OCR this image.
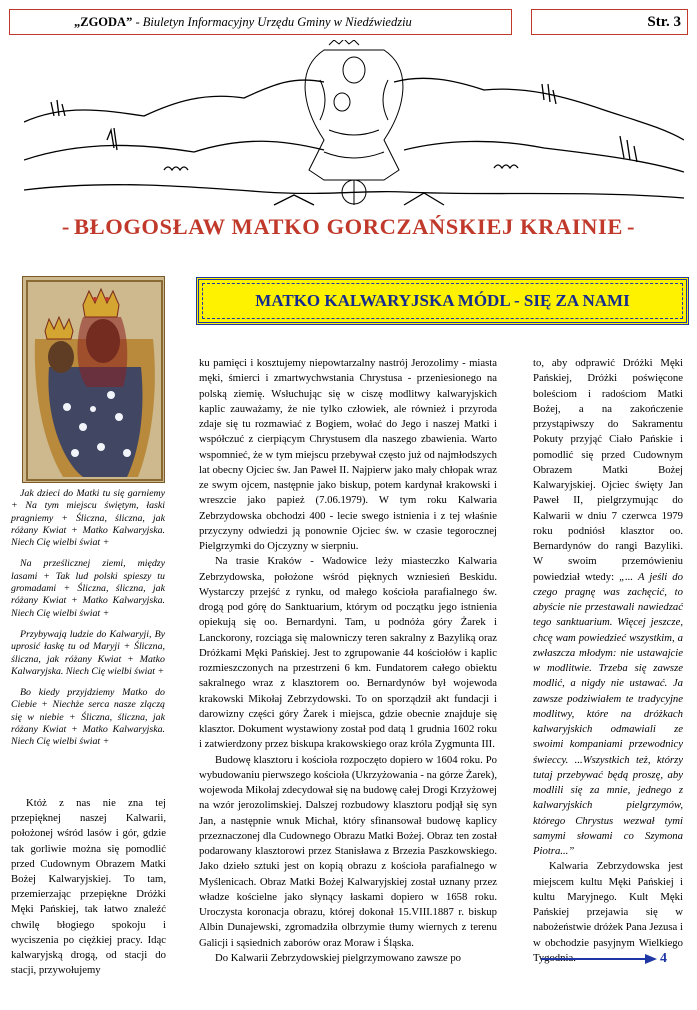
„ZGODA” - Biuletyn Informacyjny Urzędu Gminy w Niedźwiedziu	Str. 3
- BŁOGOSŁAW MATKO GORCZAŃSKIEJ KRAINIE -

Jak dzieci do Matki tu się garniemy + Na tym miejscu świętym, łaski pragniemy + Śliczna, śliczna, jak różany Kwiat + Matko Kalwaryjska. Niech Cię wielbi świat +

Na prześlicznej ziemi, między lasami + Tak lud polski spieszy tu gromadami + Śliczna, śliczna, jak różany Kwiat + Matko Kalwaryjska. Niech Cię wielbi świat +

Przybywają ludzie do Kalwaryji, By uprosić łaskę tu od Maryji + Śliczna, śliczna, jak różany Kwiat + Matko Kalwaryjska. Niech Cię wielbi świat +

Bo kiedy przyjdziemy Matko do Ciebie + Niechże serca nasze zlączą się w niebie + Śliczna, śliczna, jak różany Kwiat + Matko Kalwaryjska. Niech Cię wielbi świat +

Któż z nas nie zna tej przepięknej naszej Kalwarii, położonej wśród lasów i gór, gdzie tak gorliwie można się pomodlić przed Cudownym Obrazem Matki Bożej Kalwaryjskiej. To tam, przemierzając przepiękne Dróżki Męki Pańskiej, tak łatwo znaleźć chwilę błogiego spokoju i wyciszenia po ciężkiej pracy. Idąc kalwaryjską drogą, od stacji do stacji, przywołujemy

MATKO KALWARYJSKA MÓDL - SIĘ ZA NAMI

ku pamięci i kosztujemy niepowtarzalny nastrój Jerozolimy - miasta męki, śmierci i zmartwychwstania Chrystusa - przeniesionego na polską ziemię. Wsłuchując się w ciszę modlitwy kalwaryjskich kaplic zauważamy, że nie tylko człowiek, ale również i przyroda zdaje się tu rozmawiać z Bogiem, wołać do Jego i naszej Matki i współczuć z cierpiącym Chrystusem dla naszego zbawienia. Warto wspomnieć, że w tym miejscu przebywał często już od najmłodszych lat obecny Ojciec św. Jan Paweł II. Najpierw jako mały chłopak wraz ze swym ojcem, następnie jako biskup, potem kardynał krakowski i wreszcie jako papież (7.06.1979). W tym roku Kalwaria Zebrzydowska obchodzi 400 - lecie swego istnienia i z tej właśnie przyczyny odwiedzi ją ponownie Ojciec św. w czasie tegorocznej Pielgrzymki do Ojczyzny w sierpniu.

Na trasie Kraków - Wadowice leży miasteczko Kalwaria Zebrzydowska, położone wśród pięknych wzniesień Beskidu. Wystarczy przejść z rynku, od małego kościoła parafialnego św. drogą pod górę do Sanktuarium, którym od początku jego istnienia opiekują się oo. Bernardyni. Tam, u podnóża góry Żarek i Lanckorony, rozciąga się malowniczy teren sakralny z Bazyliką oraz Dróżkami Męki Pańskiej. Jest to zgrupowanie 44 kościołów i kaplic rozmieszczonych na przestrzeni 6 km. Fundatorem całego obiektu sakralnego wraz z klasztorem oo. Bernardynów był wojewoda krakowski Mikołaj Zebrzydowski. To on sporządził akt fundacji i darowizny części góry Żarek i miejsca, gdzie obecnie znajduje się klasztor. Dokument wystawiony został pod datą 1 grudnia 1602 roku i zatwierdzony przez biskupa krakowskiego oraz króla Zygmunta III.

Budowę klasztoru i kościoła rozpoczęto dopiero w 1604 roku. Po wybudowaniu pierwszego kościoła (Ukrzyżowania - na górze Żarek), wojewoda Mikołaj zdecydował się na budowę całej Drogi Krzyżowej na wzór jerozolimskiej. Dalszej rozbudowy klasztoru podjął się syn Jan, a następnie wnuk Michał, który sfinansował budowę kaplicy przeznaczonej dla Cudownego Obrazu Matki Bożej. Obraz ten został podarowany klasztorowi przez Stanisława z Brzezia Paszkowskiego. Jako dzieło sztuki jest on kopią obrazu z kościoła parafialnego w Myślenicach. Obraz Matki Bożej Kalwaryjskiej został uznany przez władze kościelne jako słynący łaskami dopiero w 1658 roku. Uroczysta koronacja obrazu, której dokonał 15.VIII.1887 r. biskup Albin Dunajewski, zgromadziła olbrzymie tłumy wiernych z terenu Galicji i sąsiednich zaborów oraz Moraw i Śląska.

Do Kalwarii Zebrzydowskiej pielgrzymowano zawsze po

to, aby odprawić Dróżki Męki Pańskiej, Dróżki poświęcone boleściom i radościom Matki Bożej, a na zakończenie przystąpiwszy do Sakramentu Pokuty przyjąć Ciało Pańskie i pomodlić się przed Cudownym Obrazem Matki Bożej Kalwaryjskiej. Ojciec święty Jan Paweł II, pielgrzymując do Kalwarii w dniu 7 czerwca 1979 roku podniósł klasztor oo. Bernardynów do rangi Bazyliki. W swoim przemówieniu powiedział wtedy: „... A jeśli do czego pragnę was zachęcić, to abyście nie przestawali nawiedzać tego sanktuarium. Więcej jeszcze, chcę wam powiedzieć wszystkim, a zwłaszcza młodym: nie ustawajcie w modlitwie. Trzeba się zawsze modlić, a nigdy nie ustawać. Ja zawsze podziwiałem te tradycyjne modlitwy, które na dróżkach kalwaryjskich odmawiali ze swoimi kompaniami przewodnicy świeccy. ...Wszystkich też, którzy tutaj przebywać będą proszę, aby modlili się za mnie, jednego z kalwaryjskich pielgrzymów, którego Chrystus wezwał tymi samymi słowami co Szymona Piotra...”

Kalwaria Zebrzydowska jest miejscem kultu Męki Pańskiej i kultu Maryjnego. Kult Męki Pańskiej przejawia się w nabożeństwie dróżek Pana Jezusa i w obchodzie pasyjnym Wielkiego Tygodnia.	4
